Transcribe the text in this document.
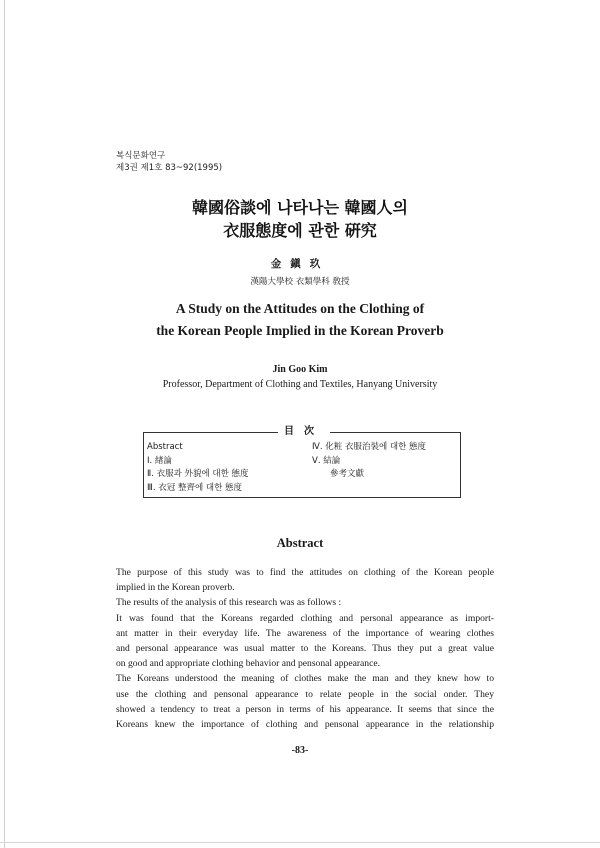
복식문화연구
제3권 제1호 83~92(1995)
韓國俗談에 나타나는 韓國人의
衣服態度에 관한 硏究
金鎭玖
漢陽大學校 衣類學科 敎授
A Study on the Attitudes on the Clothing of
the Korean People Implied in the Korean Proverb
Jin Goo Kim
Professor, Department of Clothing and Textiles, Hanyang University
目次
Abstract
Ⅰ. 緖論
Ⅱ. 衣服과 外貌에 대한 態度
Ⅲ. 衣冠 整齊에 대한 態度
Ⅳ. 化粧 衣服治裝에 대한 態度
Ⅴ. 結論
參考文獻
Abstract
The purpose of this study was to find the attitudes on clothing of the Korean people
implied in the Korean proverb.
The results of the analysis of this research was as follows :
It was found that the Koreans regarded clothing and personal appearance as import-
ant matter in their everyday life. The awareness of the importance of wearing clothes
and personal appearance was usual matter to the Koreans. Thus they put a great value
on good and appropriate clothing behavior and pensonal appearance.
The Koreans understood the meaning of clothes make the man and they knew how to
use the clothing and pensonal appearance to relate people in the social onder. They
showed a tendency to treat a person in terms of his appearance. It seems that since the
Koreans knew the importance of clothing and pensonal appearance in the relationship
-83-
